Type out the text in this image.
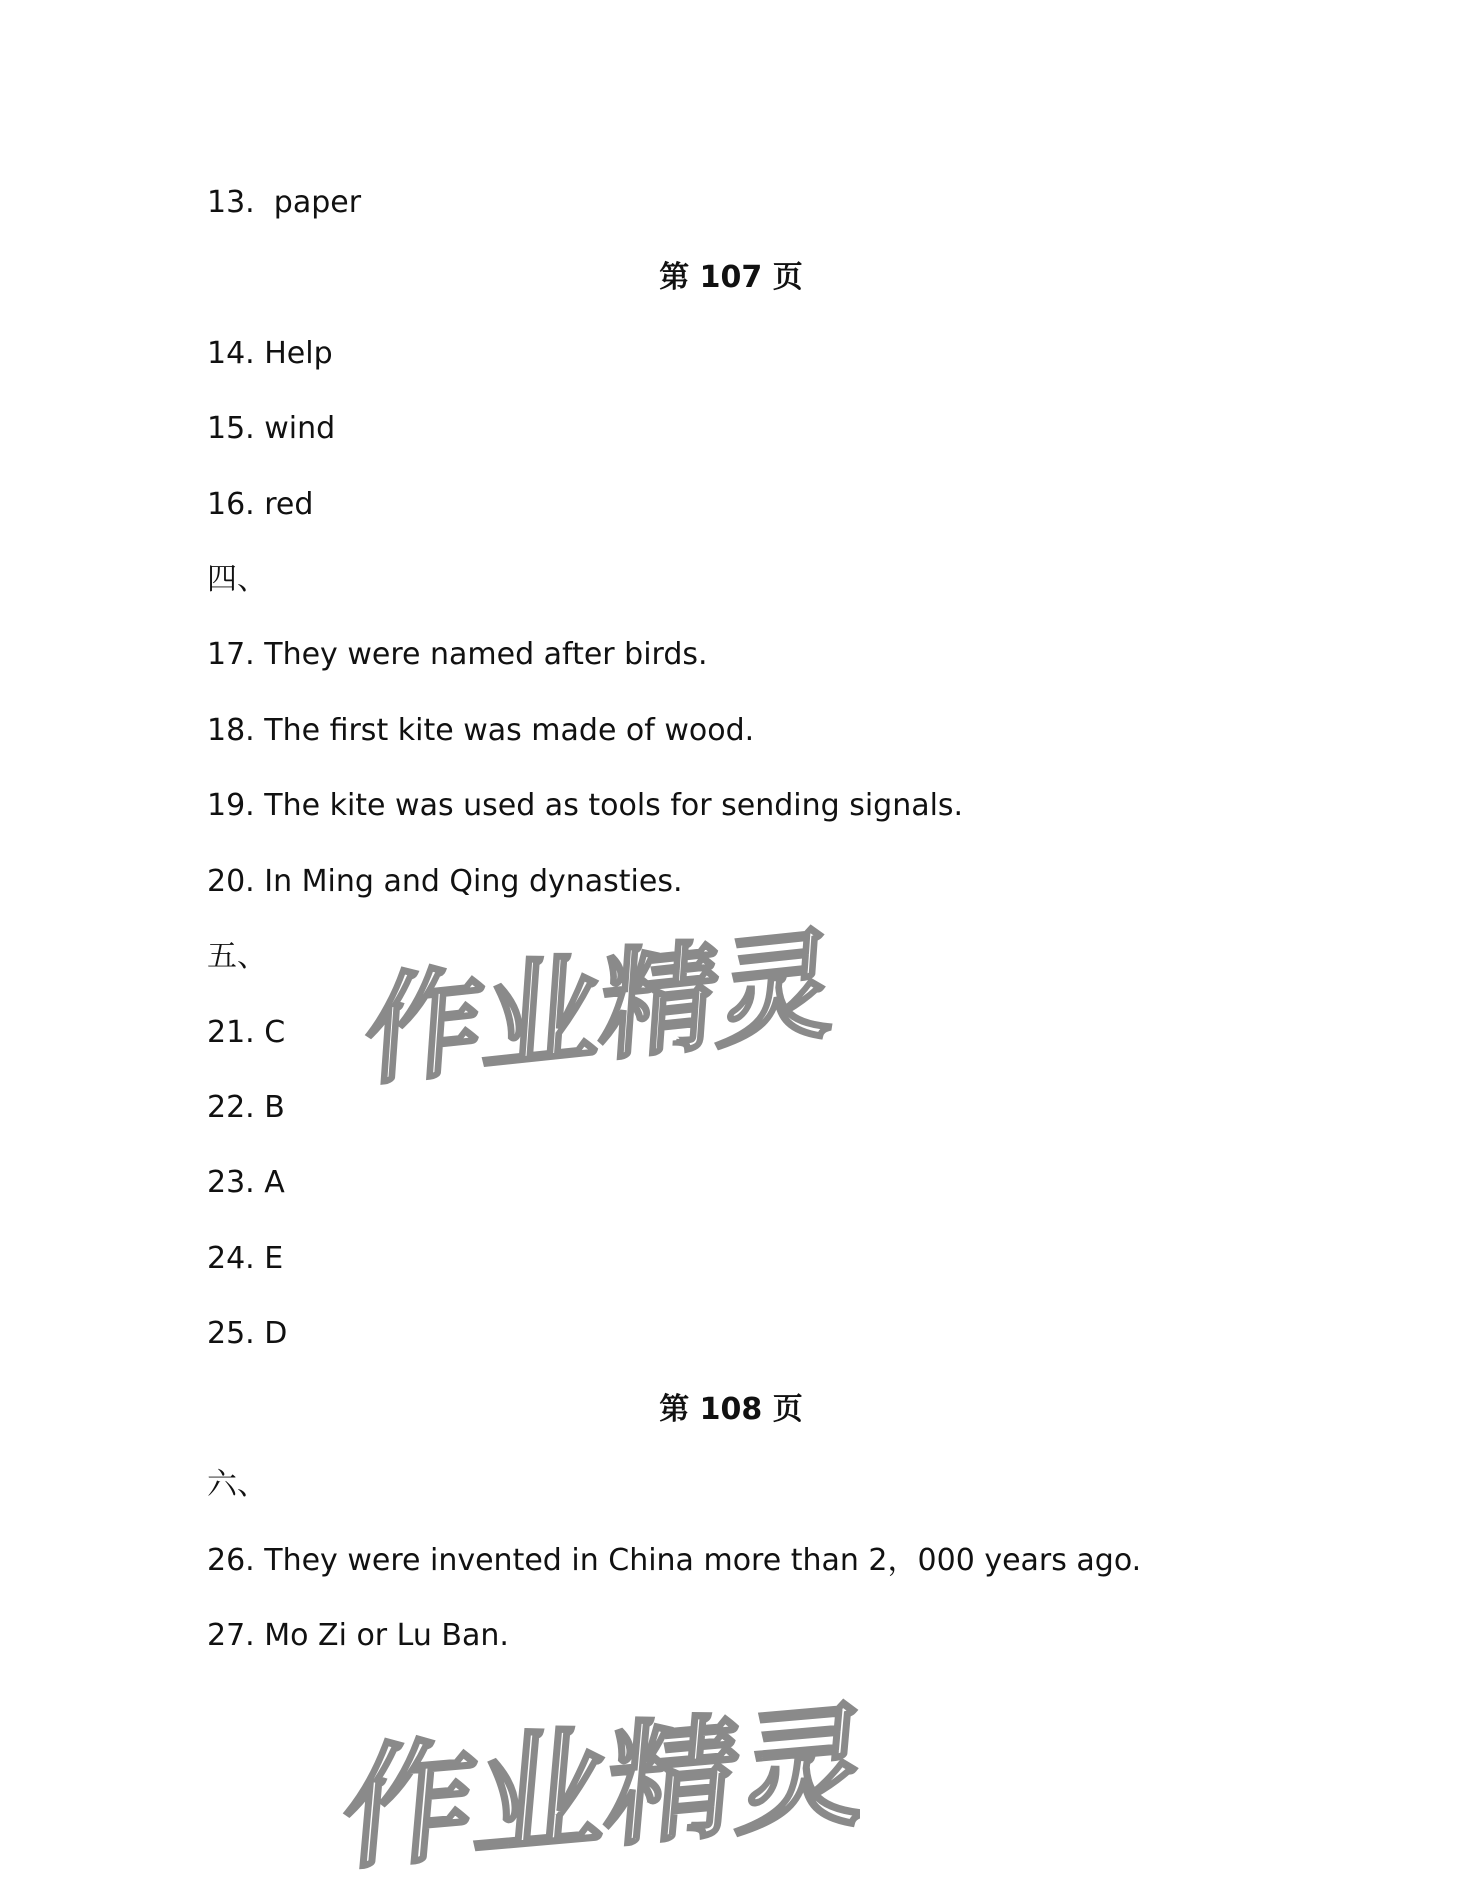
13.  paper
第 107 页
14. Help
15. wind
16. red
四、
17. They were named after birds.
18. The first kite was made of wood.
19. The kite was used as tools for sending signals.
20. In Ming and Qing dynasties.
五、
21. C
22. B
23. A
24. E
25. D
第 108 页
六、
26. They were invented in China more than 2，000 years ago.
27. Mo Zi or Lu Ban.
作业精灵
作业精灵
